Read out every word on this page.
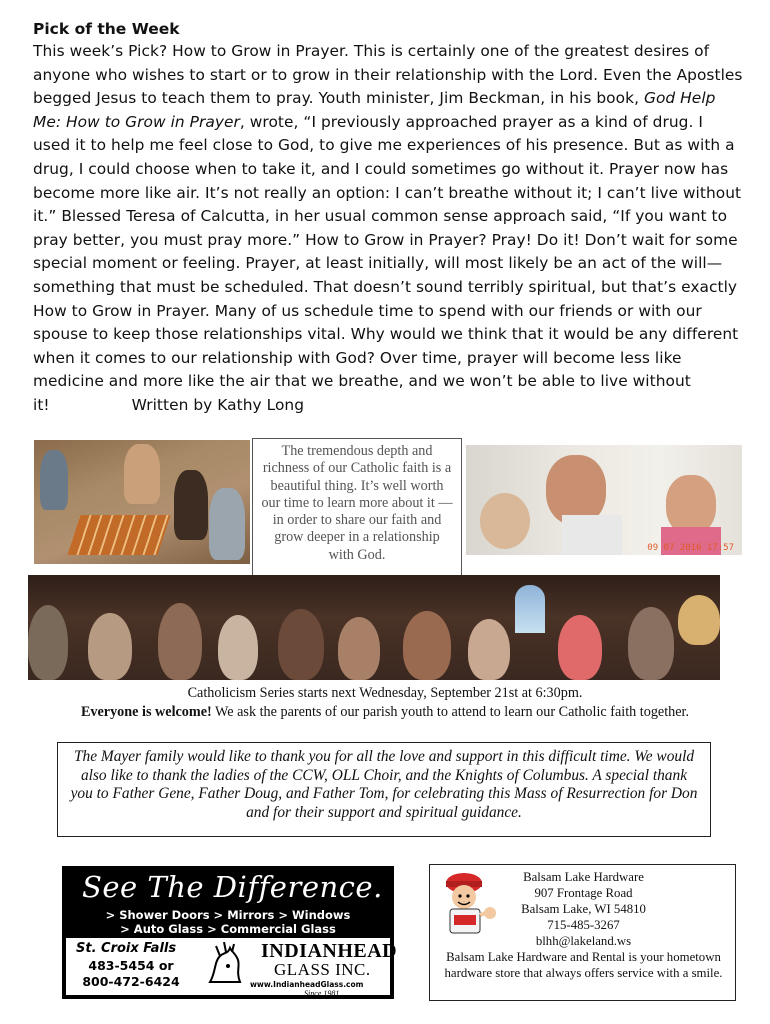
Pick of the Week

This week’s Pick? How to Grow in Prayer. This is certainly one of the greatest desires of anyone who wishes to start or to grow in their relationship with the Lord. Even the Apostles begged Jesus to teach them to pray. Youth minister, Jim Beckman, in his book, God Help Me: How to Grow in Prayer, wrote, “I previously approached prayer as a kind of drug. I used it to help me feel close to God, to give me experiences of his presence. But as with a drug, I could choose when to take it, and I could sometimes go without it. Prayer now has become more like air. It’s not really an option: I can’t breathe without it; I can’t live without it.” Blessed Teresa of Calcutta, in her usual common sense approach said, “If you want to pray better, you must pray more.” How to Grow in Prayer? Pray! Do it! Don’t wait for some special moment or feeling. Prayer, at least initially, will most likely be an act of the will—something that must be scheduled. That doesn’t sound terribly spiritual, but that’s exactly How to Grow in Prayer. Many of us schedule time to spend with our friends or with our spouse to keep those relationships vital. Why would we think that it would be any different when it comes to our relationship with God? Over time, prayer will become less like medicine and more like the air that we breathe, and we won’t be able to live without it!	Written by Kathy Long

The tremendous depth and richness of our Catholic faith is a beautiful thing. It’s well worth our time to learn more about it — in order to share our faith and grow deeper in a relationship with God.	09 07 2016 17:57
Catholicism Series starts next Wednesday, September 21st at 6:30pm.
Everyone is welcome! We ask the parents of our parish youth to attend to learn our Catholic faith together.
The Mayer family would like to thank you for all the love and support in this difficult time. We would also like to thank the ladies of the CCW, OLL Choir, and the Knights of Columbus. A special thank you to Father Gene, Father Doug, and Father Tom, for celebrating this Mass of Resurrection for Don and for their support and spiritual guidance.
See The Difference.
> Shower Doors > Mirrors > Windows
> Auto Glass > Commercial Glass
St. Croix Falls
483-5454 or
800-472-6424
INDIANHEAD
GLASS INC.
www.IndianheadGlass.com
Since 1981
Balsam Lake Hardware
907 Frontage Road
Balsam Lake, WI 54810
715-485-3267
blhh@lakeland.ws
Balsam Lake Hardware and Rental is your hometown
hardware store that always offers service with a smile.
